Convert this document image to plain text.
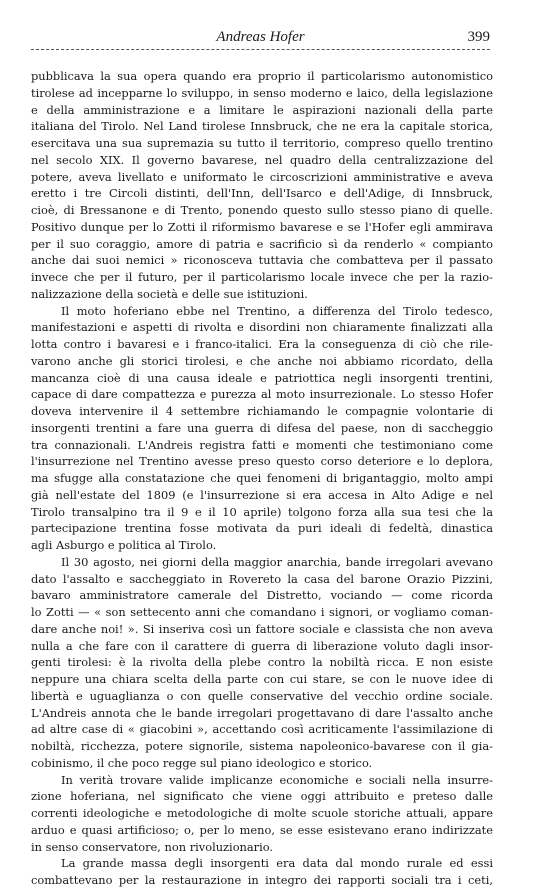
Andreas Hofer	399
pubblicava la sua opera quando era proprio il particolarismo autonomistico
tirolese ad incepparne lo sviluppo, in senso moderno e laico, della legislazione
e della amministrazione e a limitare le aspirazioni nazionali della parte
italiana del Tirolo. Nel Land tirolese Innsbruck, che ne era la capitale storica,
esercitava una sua supremazia su tutto il territorio, compreso quello trentino
nel secolo XIX. Il governo bavarese, nel quadro della centralizzazione del
potere, aveva livellato e uniformato le circoscrizioni amministrative e aveva
eretto i tre Circoli distinti, dell'Inn, dell'Isarco e dell'Adige, di Innsbruck,
cioè, di Bressanone e di Trento, ponendo questo sullo stesso piano di quelle.
Positivo dunque per lo Zotti il riformismo bavarese e se l'Hofer egli ammirava
per il suo coraggio, amore di patria e sacrificio sì da renderlo « compianto
anche dai suoi nemici » riconosceva tuttavia che combatteva per il passato
invece che per il futuro, per il particolarismo locale invece che per la razio-
nalizzazione della società e delle sue istituzioni.
Il moto hoferiano ebbe nel Trentino, a differenza del Tirolo tedesco,
manifestazioni e aspetti di rivolta e disordini non chiaramente finalizzati alla
lotta contro i bavaresi e i franco-italici. Era la conseguenza di ciò che rile-
varono anche gli storici tirolesi, e che anche noi abbiamo ricordato, della
mancanza cioè di una causa ideale e patriottica negli insorgenti trentini,
capace di dare compattezza e purezza al moto insurrezionale. Lo stesso Hofer
doveva intervenire il 4 settembre richiamando le compagnie volontarie di
insorgenti trentini a fare una guerra di difesa del paese, non di saccheggio
tra connazionali. L'Andreis registra fatti e momenti che testimoniano come
l'insurrezione nel Trentino avesse preso questo corso deteriore e lo deplora,
ma sfugge alla constatazione che quei fenomeni di brigantaggio, molto ampi
già nell'estate del 1809 (e l'insurrezione si era accesa in Alto Adige e nel
Tirolo transalpino tra il 9 e il 10 aprile) tolgono forza alla sua tesi che la
partecipazione trentina fosse motivata da puri ideali di fedeltà, dinastica
agli Asburgo e politica al Tirolo.
Il 30 agosto, nei giorni della maggior anarchia, bande irregolari avevano
dato l'assalto e saccheggiato in Rovereto la casa del barone Orazio Pizzini,
bavaro amministratore camerale del Distretto, vociando — come ricorda
lo Zotti — « son settecento anni che comandano i signori, or vogliamo coman-
dare anche noi! ». Si inseriva così un fattore sociale e classista che non aveva
nulla a che fare con il carattere di guerra di liberazione voluto dagli insor-
genti tirolesi: è la rivolta della plebe contro la nobiltà ricca. E non esiste
neppure una chiara scelta della parte con cui stare, se con le nuove idee di
libertà e uguaglianza o con quelle conservative del vecchio ordine sociale.
L'Andreis annota che le bande irregolari progettavano di dare l'assalto anche
ad altre case di « giacobini », accettando così acriticamente l'assimilazione di
nobiltà, ricchezza, potere signorile, sistema napoleonico-bavarese con il gia-
cobinismo, il che poco regge sul piano ideologico e storico.
In verità trovare valide implicanze economiche e sociali nella insurre-
zione hoferiana, nel significato che viene oggi attribuito e preteso dalle
correnti ideologiche e metodologiche di molte scuole storiche attuali, appare
arduo e quasi artificioso; o, per lo meno, se esse esistevano erano indirizzate
in senso conservatore, non rivoluzionario.
La grande massa degli insorgenti era data dal mondo rurale ed essi
combattevano per la restaurazione in integro dei rapporti sociali tra i ceti,
